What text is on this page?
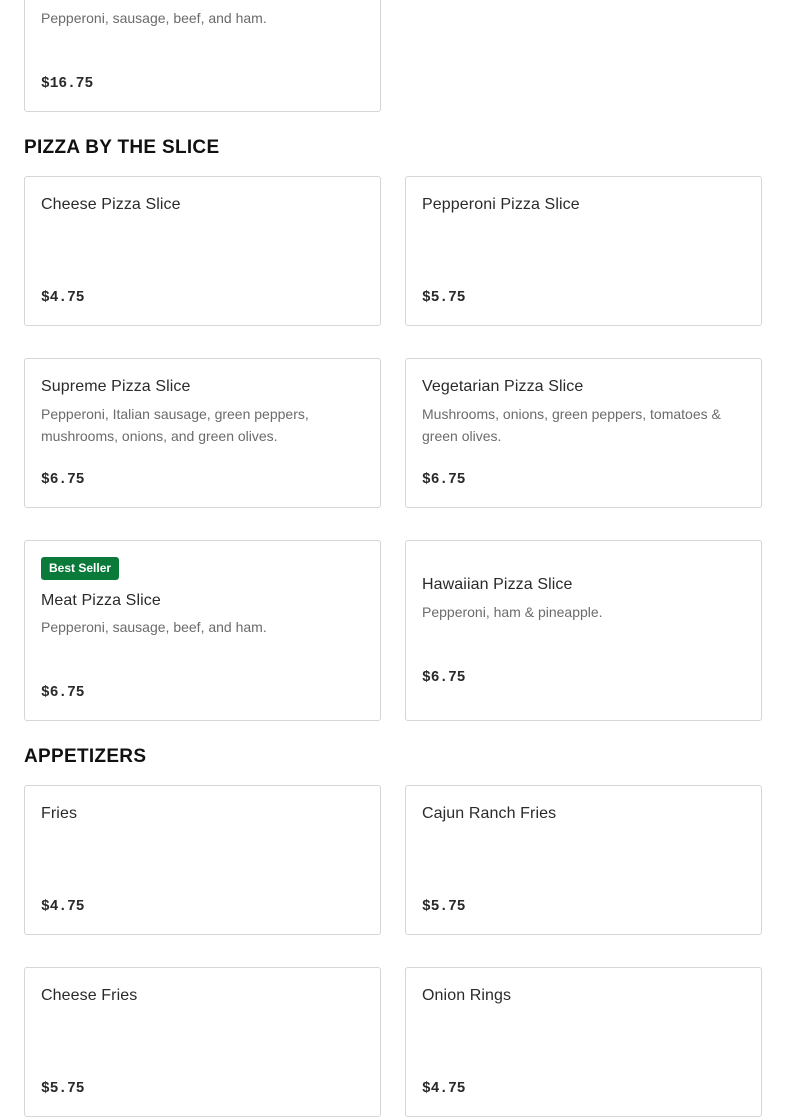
Pepperoni, sausage, beef, and ham.

$16.75

PIZZA BY THE SLICE

Cheese Pizza Slice

$4.75

Pepperoni Pizza Slice

$5.75

Supreme Pizza Slice

Pepperoni, Italian sausage, green peppers, mushrooms, onions, and green olives.

$6.75

Vegetarian Pizza Slice

Mushrooms, onions, green peppers, tomatoes & green olives.

$6.75

Best Seller

Meat Pizza Slice

Pepperoni, sausage, beef, and ham.

$6.75

Hawaiian Pizza Slice

Pepperoni, ham & pineapple.

$6.75

APPETIZERS

Fries

$4.75

Cajun Ranch Fries

$5.75

Cheese Fries

$5.75

Onion Rings

$4.75
